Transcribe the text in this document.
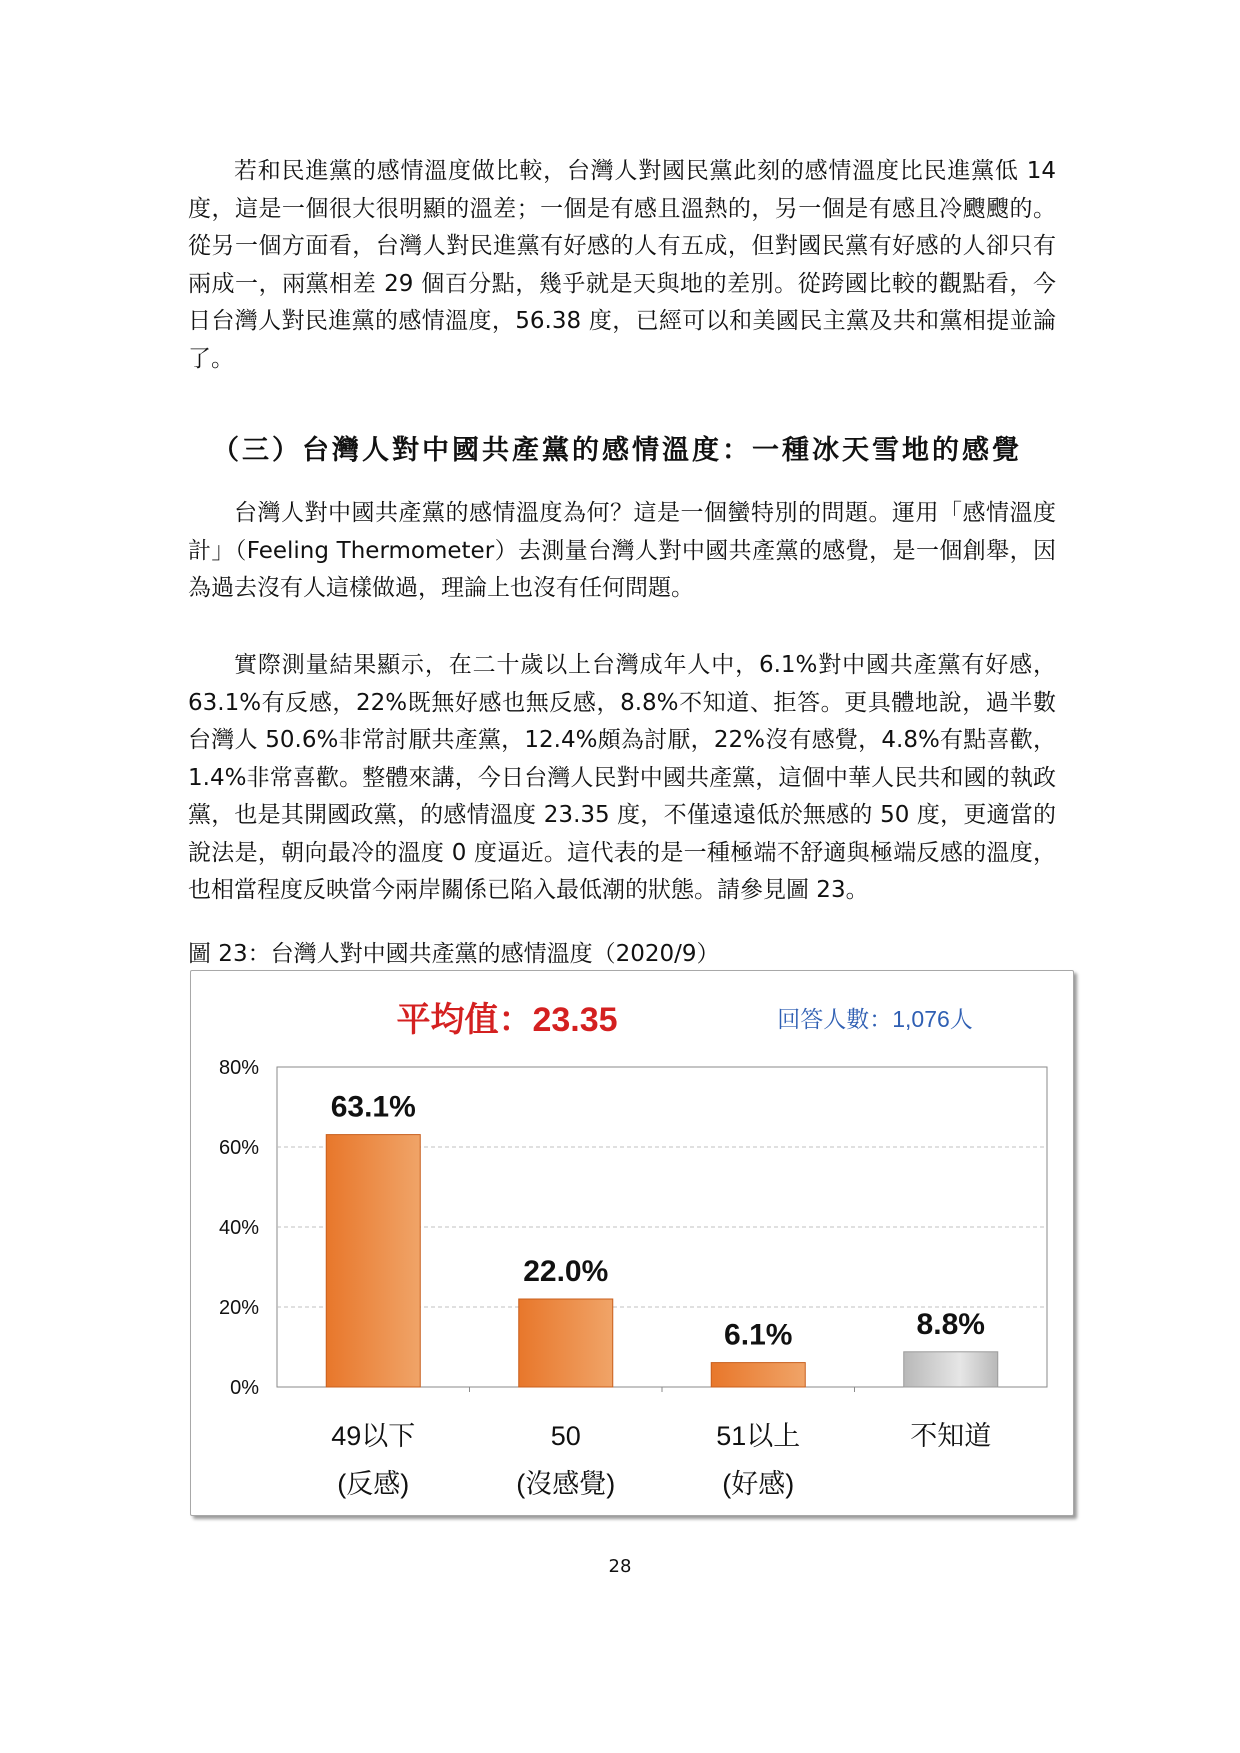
若和民進黨的感情溫度做比較，台灣人對國民黨此刻的感情溫度比民進黨低 14 度，這是一個很大很明顯的溫差；一個是有感且溫熱的，另一個是有感且冷颼颼的。從另一個方面看，台灣人對民進黨有好感的人有五成，但對國民黨有好感的人卻只有兩成一，兩黨相差 29 個百分點，幾乎就是天與地的差別。從跨國比較的觀點看，今日台灣人對民進黨的感情溫度，56.38 度，已經可以和美國民主黨及共和黨相提並論了。

（三）台灣人對中國共產黨的感情溫度：一種冰天雪地的感覺

台灣人對中國共產黨的感情溫度為何？這是一個蠻特別的問題。運用「感情溫度計」（Feeling Thermometer）去測量台灣人對中國共產黨的感覺，是一個創舉，因為過去沒有人這樣做過，理論上也沒有任何問題。

實際測量結果顯示，在二十歲以上台灣成年人中，6.1%對中國共產黨有好感，63.1%有反感，22%既無好感也無反感，8.8%不知道、拒答。更具體地說，過半數台灣人 50.6%非常討厭共產黨，12.4%頗為討厭，22%沒有感覺，4.8%有點喜歡，1.4%非常喜歡。整體來講，今日台灣人民對中國共產黨，這個中華人民共和國的執政黨，也是其開國政黨，的感情溫度 23.35 度，不僅遠遠低於無感的 50 度，更適當的說法是，朝向最冷的溫度 0 度逼近。這代表的是一種極端不舒適與極端反感的溫度，也相當程度反映當今兩岸關係已陷入最低潮的狀態。請參見圖 23。

圖 23：台灣人對中國共產黨的感情溫度（2020/9）
平均值：23.35	回答人數：1,076人
0%
20%
40%
60%
80%
63.1%
49以下
(反感)
22.0%
50
(沒感覺)
6.1%
51以上
(好感)
8.8%
不知道
28
